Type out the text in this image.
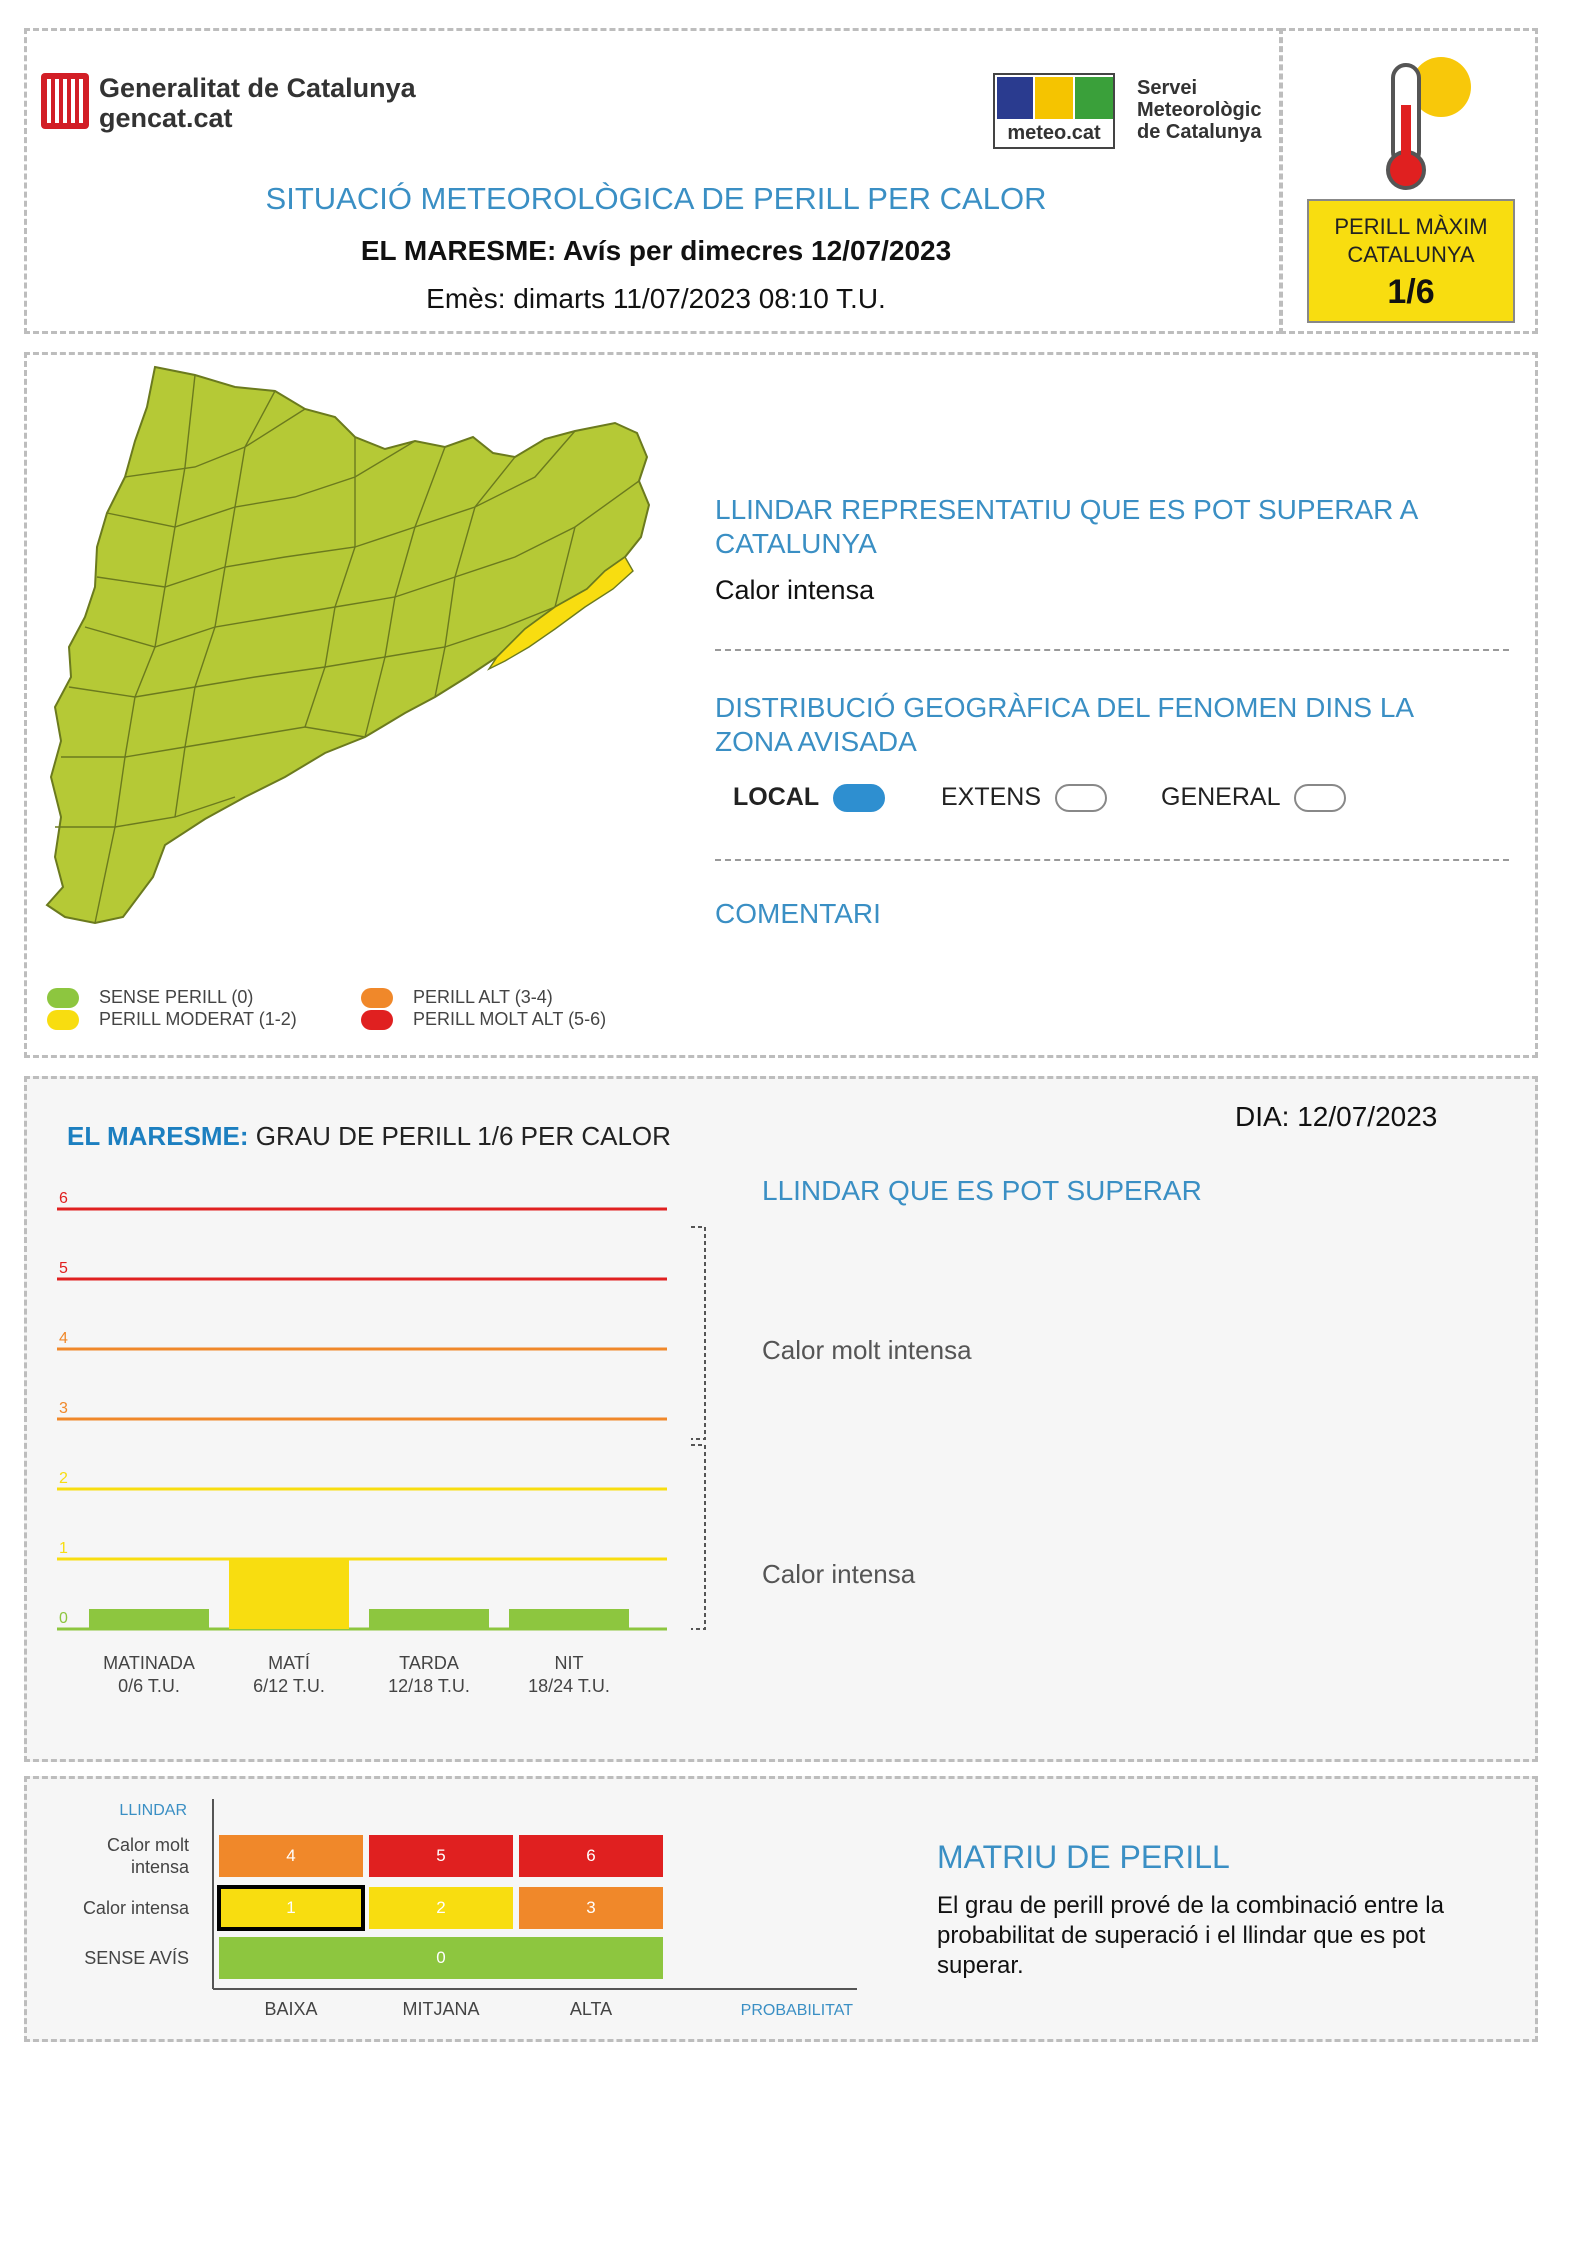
Generalitat de Catalunya
gencat.cat	meteo.cat
Servei
Meteorològic
de Catalunya
SITUACIÓ METEOROLÒGICA DE PERILL PER CALOR
EL MARESME: Avís per dimecres 12/07/2023
Emès: dimarts 11/07/2023 08:10 T.U.
PERILL MÀXIM
CATALUNYA
1/6
SENSE PERILL (0)
PERILL MODERAT (1-2)
PERILL ALT (3-4)
PERILL MOLT ALT (5-6)
LLINDAR REPRESENTATIU QUE ES POT SUPERAR A CATALUNYA
Calor intensa
DISTRIBUCIÓ GEOGRÀFICA DEL FENOMEN DINS LA ZONA AVISADA
LOCAL	EXTENS	GENERAL
COMENTARI
EL MARESME: GRAU DE PERILL 1/6 PER CALOR
DIA: 12/07/2023
0
1
2
3
4
5
6
MATINADA
0/6 T.U.
MATÍ
6/12 T.U.
TARDA
12/18 T.U.
NIT
18/24 T.U.
LLINDAR QUE ES POT SUPERAR
Calor molt intensa
Calor intensa
LLINDAR
Calor molt
intensa
4	5	6
Calor intensa	1	2	3
SENSE AVÍS	0
BAIXA	MITJANA	ALTA	PROBABILITAT
MATRIU DE PERILL
El grau de perill prové de la combinació entre la probabilitat de superació i el llindar que es pot superar.
